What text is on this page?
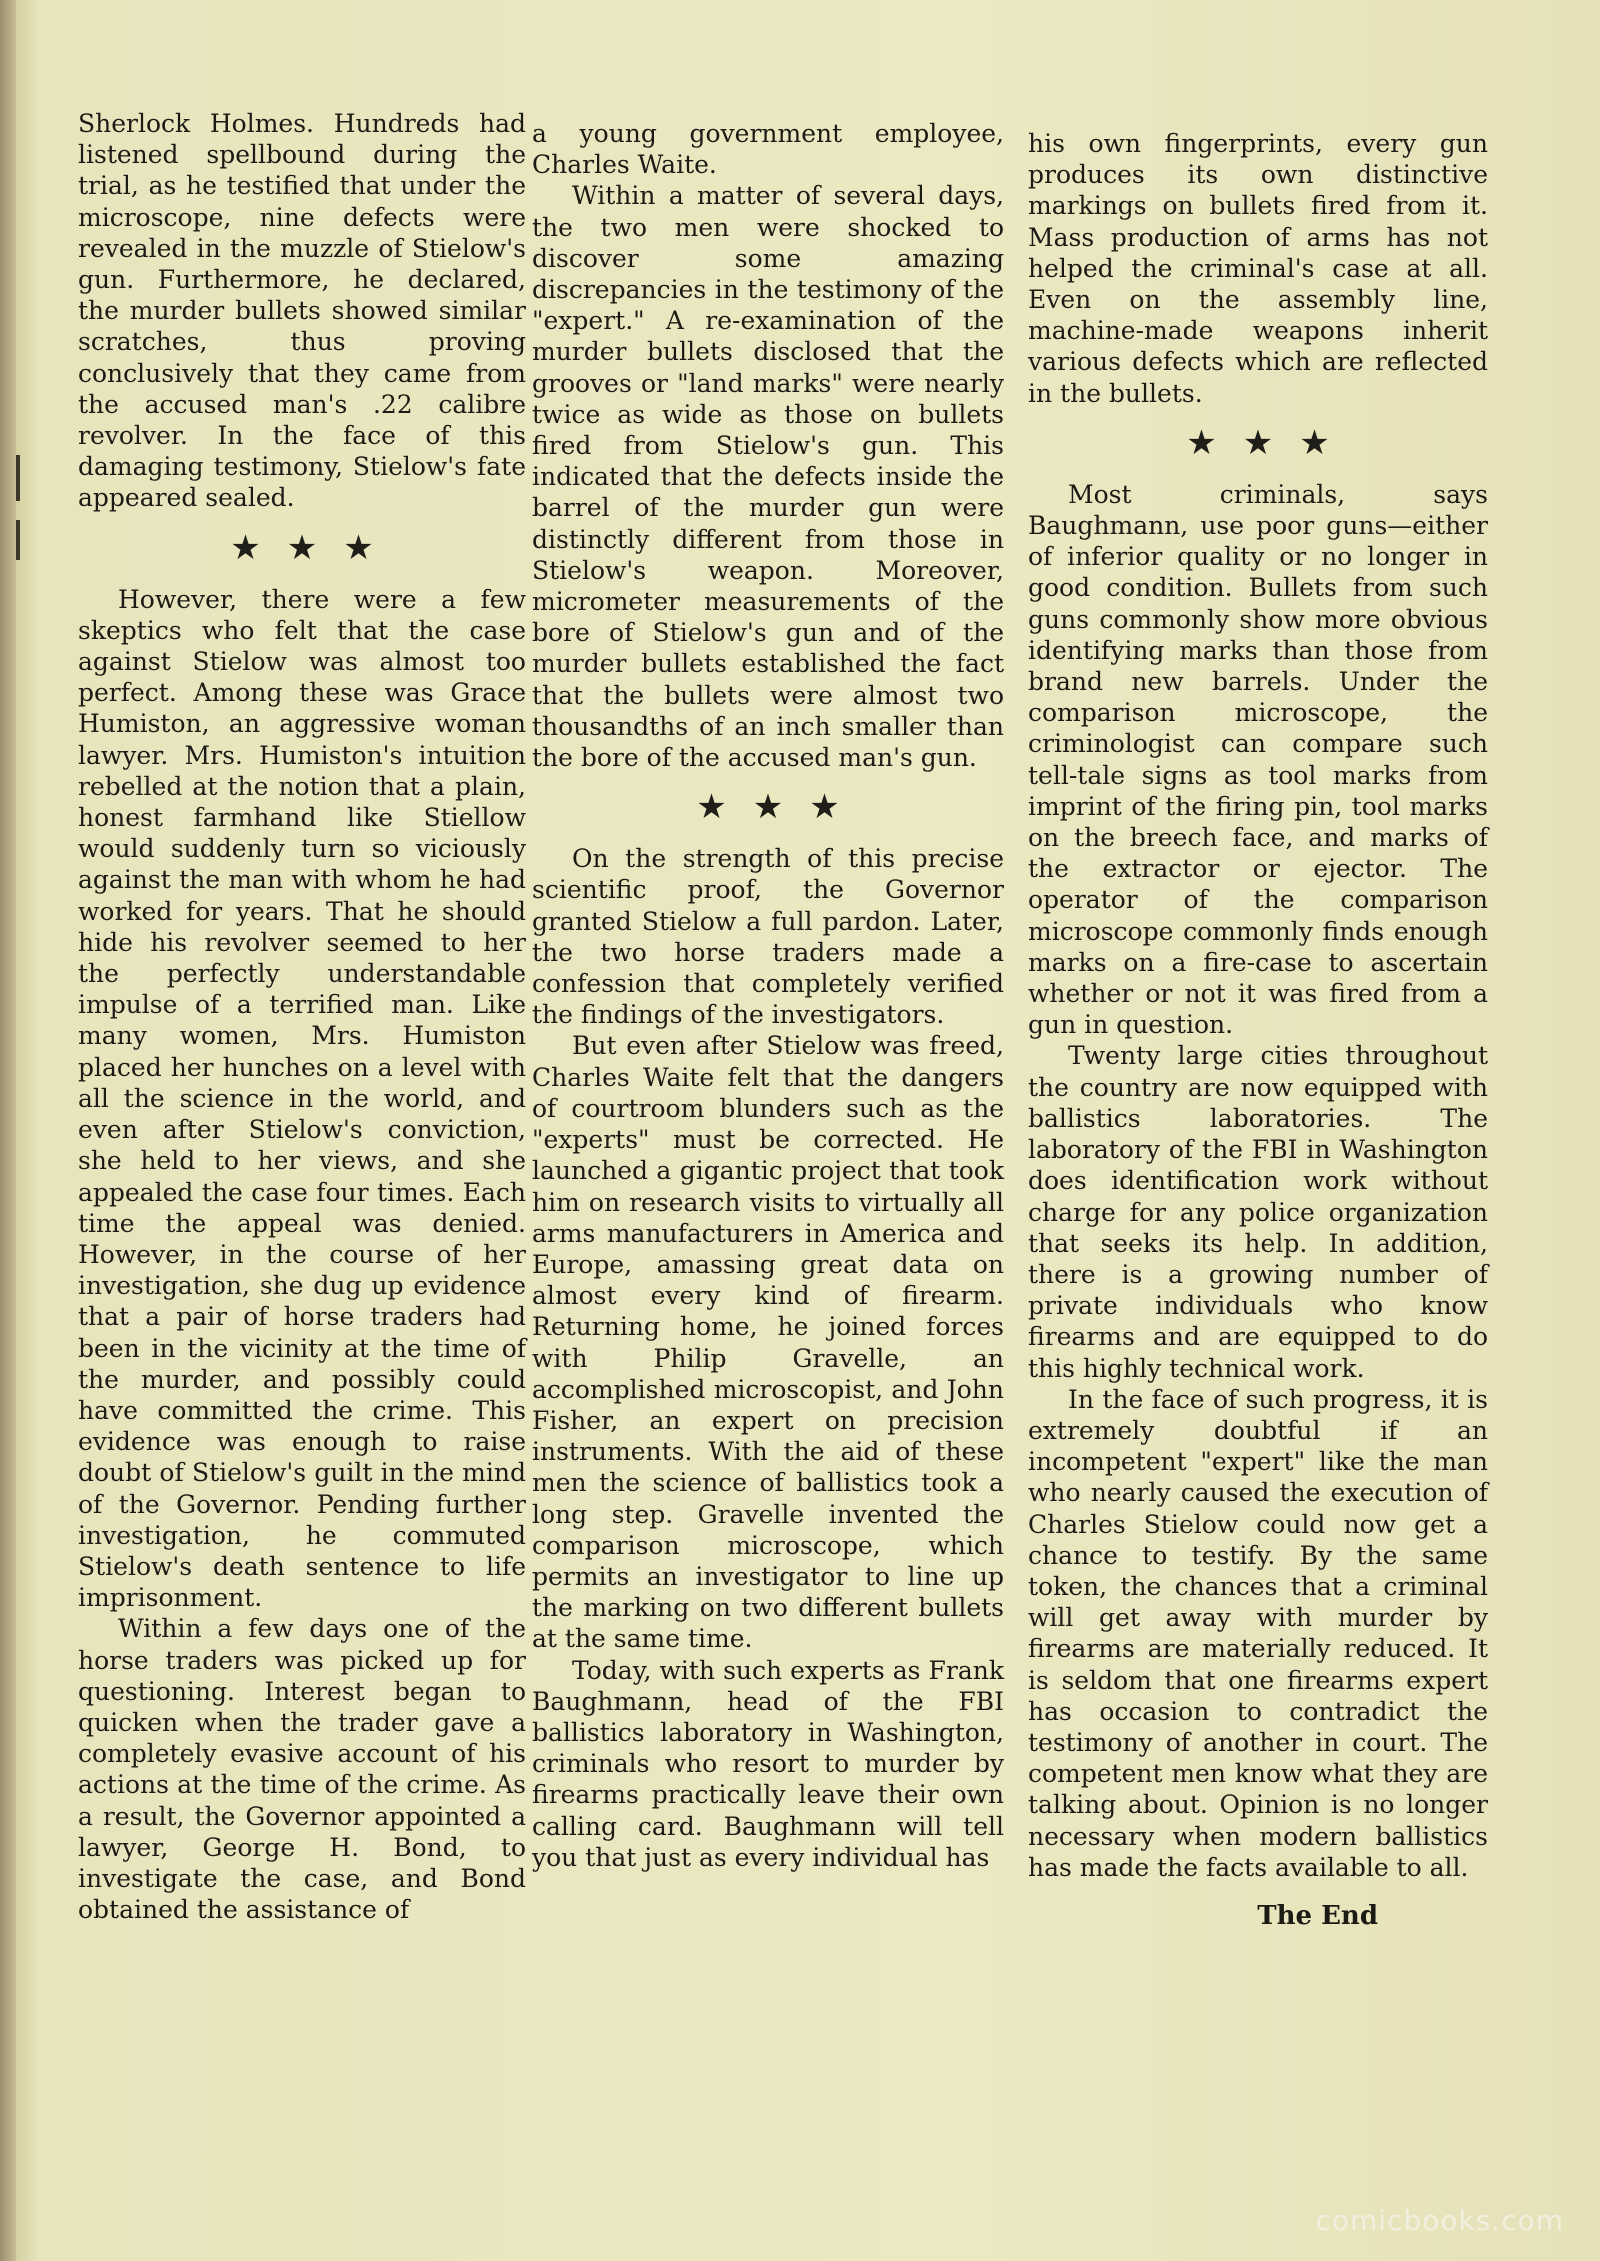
Sherlock Holmes. Hundreds had listened spellbound during the trial, as he testified that under the microscope, nine defects were revealed in the muzzle of Stielow's gun. Furthermore, he declared, the murder bullets showed similar scratches, thus proving conclusively that they came from the accused man's .22 calibre revolver. In the face of this damaging testimony, Stielow's fate appeared sealed.

★★★

However, there were a few skeptics who felt that the case against Stielow was almost too perfect. Among these was Grace Humiston, an aggressive woman lawyer. Mrs. Humiston's intuition rebelled at the notion that a plain, honest farmhand like Stiellow would suddenly turn so viciously against the man with whom he had worked for years. That he should hide his revolver seemed to her the perfectly understandable impulse of a terrified man. Like many women, Mrs. Humiston placed her hunches on a level with all the science in the world, and even after Stielow's conviction, she held to her views, and she appealed the case four times. Each time the appeal was denied. However, in the course of her investigation, she dug up evidence that a pair of horse traders had been in the vicinity at the time of the murder, and possibly could have committed the crime. This evidence was enough to raise doubt of Stielow's guilt in the mind of the Governor. Pending further investigation, he commuted Stielow's death sentence to life imprisonment.

Within a few days one of the horse traders was picked up for questioning. Interest began to quicken when the trader gave a completely evasive account of his actions at the time of the crime. As a result, the Governor appointed a lawyer, George H. Bond, to investigate the case, and Bond obtained the assistance of

a young government employee, Charles Waite.

Within a matter of several days, the two men were shocked to discover some amazing discrepancies in the testimony of the "expert." A re-examination of the murder bullets disclosed that the grooves or "land marks" were nearly twice as wide as those on bullets fired from Stielow's gun. This indicated that the defects inside the barrel of the murder gun were distinctly different from those in Stielow's weapon. Moreover, micrometer measurements of the bore of Stielow's gun and of the murder bullets established the fact that the bullets were almost two thousandths of an inch smaller than the bore of the accused man's gun.

★★★

On the strength of this precise scientific proof, the Governor granted Stielow a full pardon. Later, the two horse traders made a confession that completely verified the findings of the investigators.

But even after Stielow was freed, Charles Waite felt that the dangers of courtroom blunders such as the "experts" must be corrected. He launched a gigantic project that took him on research visits to virtually all arms manufacturers in America and Europe, amassing great data on almost every kind of firearm. Returning home, he joined forces with Philip Gravelle, an accomplished microscopist, and John Fisher, an expert on precision instruments. With the aid of these men the science of ballistics took a long step. Gravelle invented the comparison microscope, which permits an investigator to line up the marking on two different bullets at the same time.

Today, with such experts as Frank Baughmann, head of the FBI ballistics laboratory in Washington, criminals who resort to murder by firearms practically leave their own calling card. Baughmann will tell you that just as every individual has

his own fingerprints, every gun produces its own distinctive markings on bullets fired from it. Mass production of arms has not helped the criminal's case at all. Even on the assembly line, machine-made weapons inherit various defects which are reflected in the bullets.

★★★

Most criminals, says Baughmann, use poor guns—either of inferior quality or no longer in good condition. Bullets from such guns commonly show more obvious identifying marks than those from brand new barrels. Under the comparison microscope, the criminologist can compare such tell-tale signs as tool marks from imprint of the firing pin, tool marks on the breech face, and marks of the extractor or ejector. The operator of the comparison microscope commonly finds enough marks on a fire-case to ascertain whether or not it was fired from a gun in question.

Twenty large cities throughout the country are now equipped with ballistics laboratories. The laboratory of the FBI in Washington does identification work without charge for any police organization that seeks its help. In addition, there is a growing number of private individuals who know firearms and are equipped to do this highly technical work.

In the face of such progress, it is extremely doubtful if an incompetent "expert" like the man who nearly caused the execution of Charles Stielow could now get a chance to testify. By the same token, the chances that a criminal will get away with murder by firearms are materially reduced. It is seldom that one firearms expert has occasion to contradict the testimony of another in court. The competent men know what they are talking about. Opinion is no longer necessary when modern ballistics has made the facts available to all.

The End
comicbooks.com
